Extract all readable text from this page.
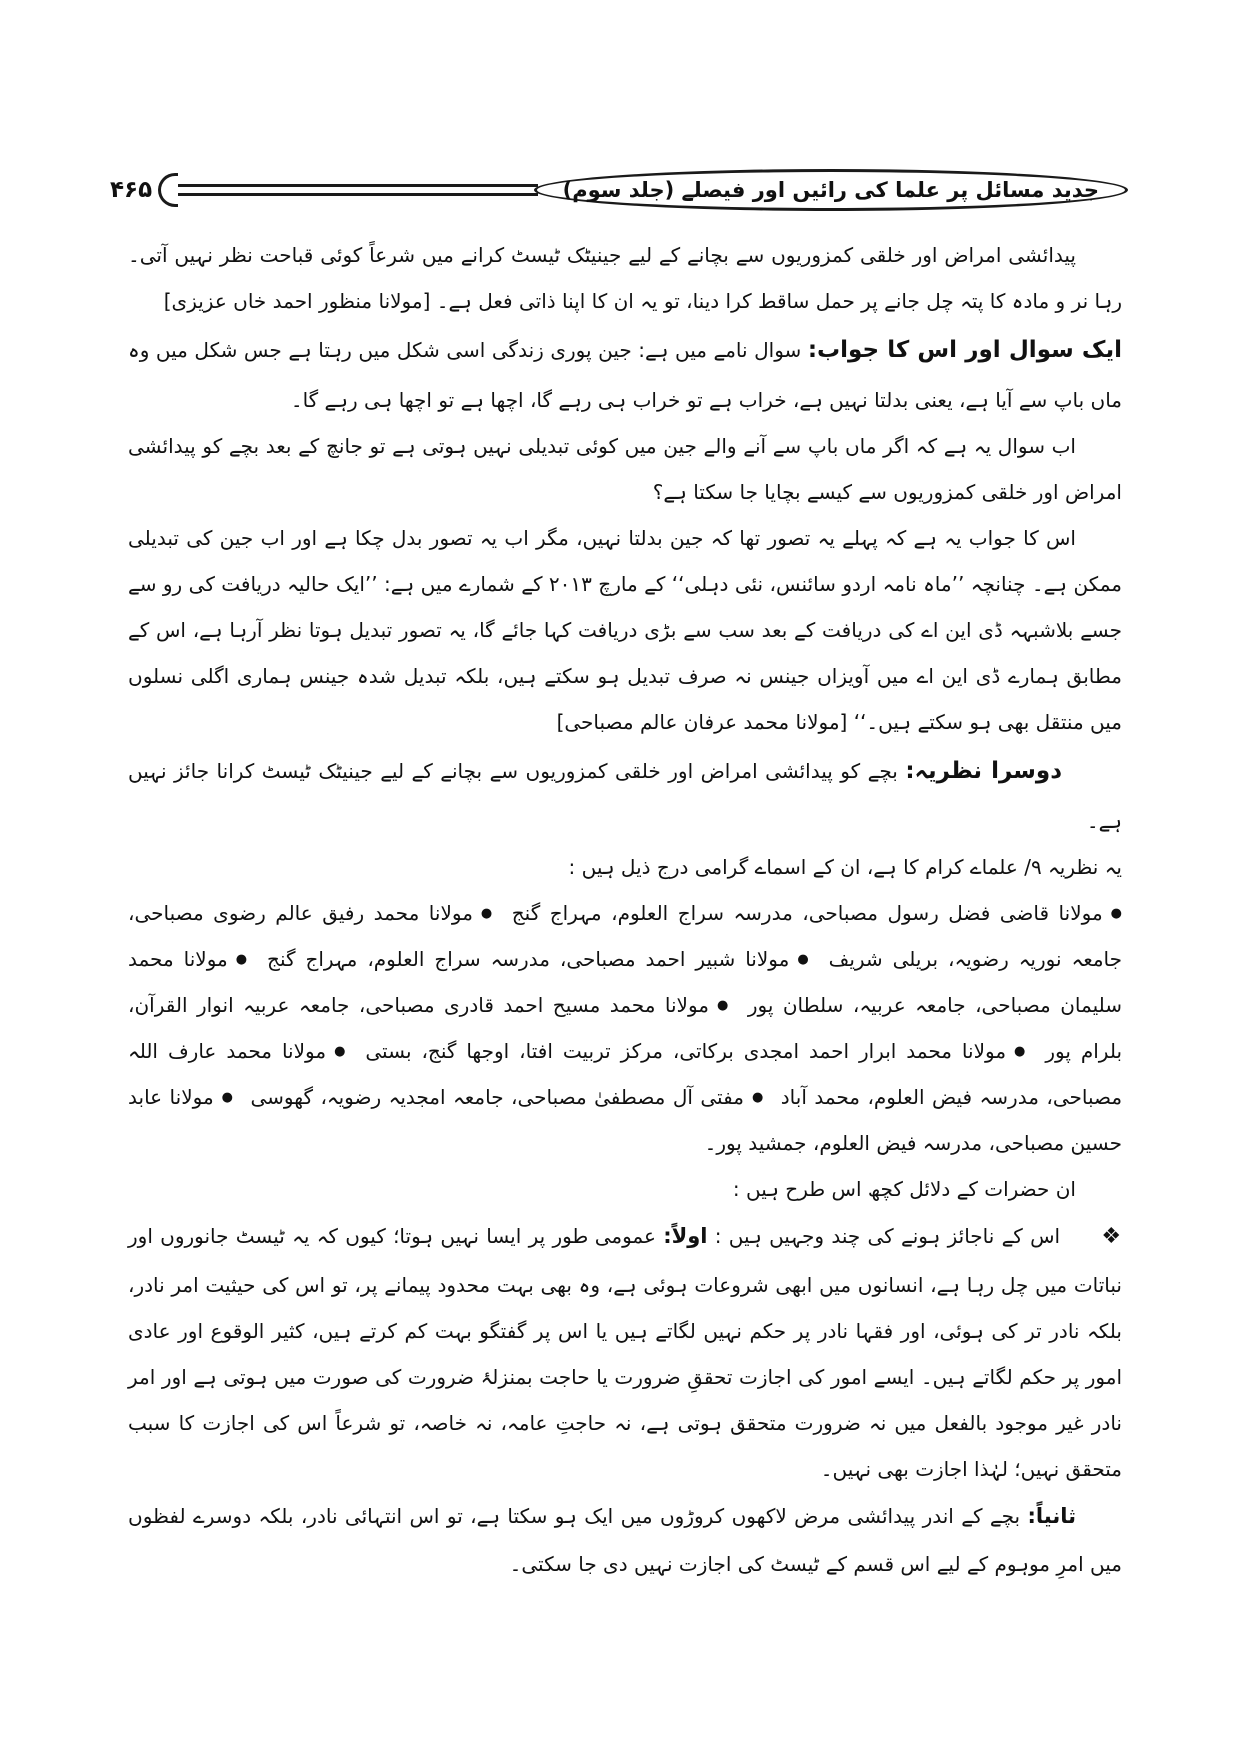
جدید مسائل پر علما کی رائیں اور فیصلے (جلد سوم)
۴۶۵

پیدائشی امراض اور خلقی کمزوریوں سے بچانے کے لیے جینیٹک ٹیسٹ کرانے میں شرعاً کوئی قباحت نظر نہیں آتی۔ رہا نر و مادہ کا پتہ چل جانے پر حمل ساقط کرا دینا، تو یہ ان کا اپنا ذاتی فعل ہے۔ [مولانا منظور احمد خاں عزیزی]

ایک سوال اور اس کا جواب: سوال نامے میں ہے: جین پوری زندگی اسی شکل میں رہتا ہے جس شکل میں وہ ماں باپ سے آیا ہے، یعنی بدلتا نہیں ہے، خراب ہے تو خراب ہی رہے گا، اچھا ہے تو اچھا ہی رہے گا۔

اب سوال یہ ہے کہ اگر ماں باپ سے آنے والے جین میں کوئی تبدیلی نہیں ہوتی ہے تو جانچ کے بعد بچے کو پیدائشی امراض اور خلقی کمزوریوں سے کیسے بچایا جا سکتا ہے؟

اس کا جواب یہ ہے کہ پہلے یہ تصور تھا کہ جین بدلتا نہیں، مگر اب یہ تصور بدل چکا ہے اور اب جین کی تبدیلی ممکن ہے۔ چنانچہ ’’ماہ نامہ اردو سائنس، نئی دہلی‘‘ کے مارچ ۲۰۱۳ کے شمارے میں ہے: ’’ایک حالیہ دریافت کی رو سے جسے بلاشبہہ ڈی این اے کی دریافت کے بعد سب سے بڑی دریافت کہا جائے گا، یہ تصور تبدیل ہوتا نظر آرہا ہے، اس کے مطابق ہمارے ڈی این اے میں آویزاں جینس نہ صرف تبدیل ہو سکتے ہیں، بلکہ تبدیل شدہ جینس ہماری اگلی نسلوں میں منتقل بھی ہو سکتے ہیں۔‘‘ [مولانا محمد عرفان عالم مصباحی]

دوسرا نظریہ: بچے کو پیدائشی امراض اور خلقی کمزوریوں سے بچانے کے لیے جینیٹک ٹیسٹ کرانا جائز نہیں ہے۔

یہ نظریہ ۹/ علماے کرام کا ہے، ان کے اسماے گرامی درج ذیل ہیں :

●مولانا قاضی فضل رسول مصباحی، مدرسہ سراج العلوم، مہراج گنج ●مولانا محمد رفیق عالم رضوی مصباحی، جامعہ نوریہ رضویہ، بریلی شریف ●مولانا شبیر احمد مصباحی، مدرسہ سراج العلوم، مہراج گنج ●مولانا محمد سلیمان مصباحی، جامعہ عربیہ، سلطان پور ●مولانا محمد مسیح احمد قادری مصباحی، جامعہ عربیہ انوار القرآن، بلرام پور ●مولانا محمد ابرار احمد امجدی برکاتی، مرکز تربیت افتا، اوجھا گنج، بستی ●مولانا محمد عارف اللہ مصباحی، مدرسہ فیض العلوم، محمد آباد ●مفتی آل مصطفیٰ مصباحی، جامعہ امجدیہ رضویہ، گھوسی ●مولانا عابد حسین مصباحی، مدرسہ فیض العلوم، جمشید پور۔

ان حضرات کے دلائل کچھ اس طرح ہیں :

❖ اس کے ناجائز ہونے کی چند وجہیں ہیں : اولاً: عمومی طور پر ایسا نہیں ہوتا؛ کیوں کہ یہ ٹیسٹ جانوروں اور نباتات میں چل رہا ہے، انسانوں میں ابھی شروعات ہوئی ہے، وہ بھی بہت محدود پیمانے پر، تو اس کی حیثیت امر نادر، بلکہ نادر تر کی ہوئی، اور فقہا نادر پر حکم نہیں لگاتے ہیں یا اس پر گفتگو بہت کم کرتے ہیں، کثیر الوقوع اور عادی امور پر حکم لگاتے ہیں۔ ایسے امور کی اجازت تحققِ ضرورت یا حاجت بمنزلۂ ضرورت کی صورت میں ہوتی ہے اور امر نادر غیر موجود بالفعل میں نہ ضرورت متحقق ہوتی ہے، نہ حاجتِ عامہ، نہ خاصہ، تو شرعاً اس کی اجازت کا سبب متحقق نہیں؛ لہٰذا اجازت بھی نہیں۔

ثانیاً: بچے کے اندر پیدائشی مرض لاکھوں کروڑوں میں ایک ہو سکتا ہے، تو اس انتہائی نادر، بلکہ دوسرے لفظوں میں امرِ موہوم کے لیے اس قسم کے ٹیسٹ کی اجازت نہیں دی جا سکتی۔
